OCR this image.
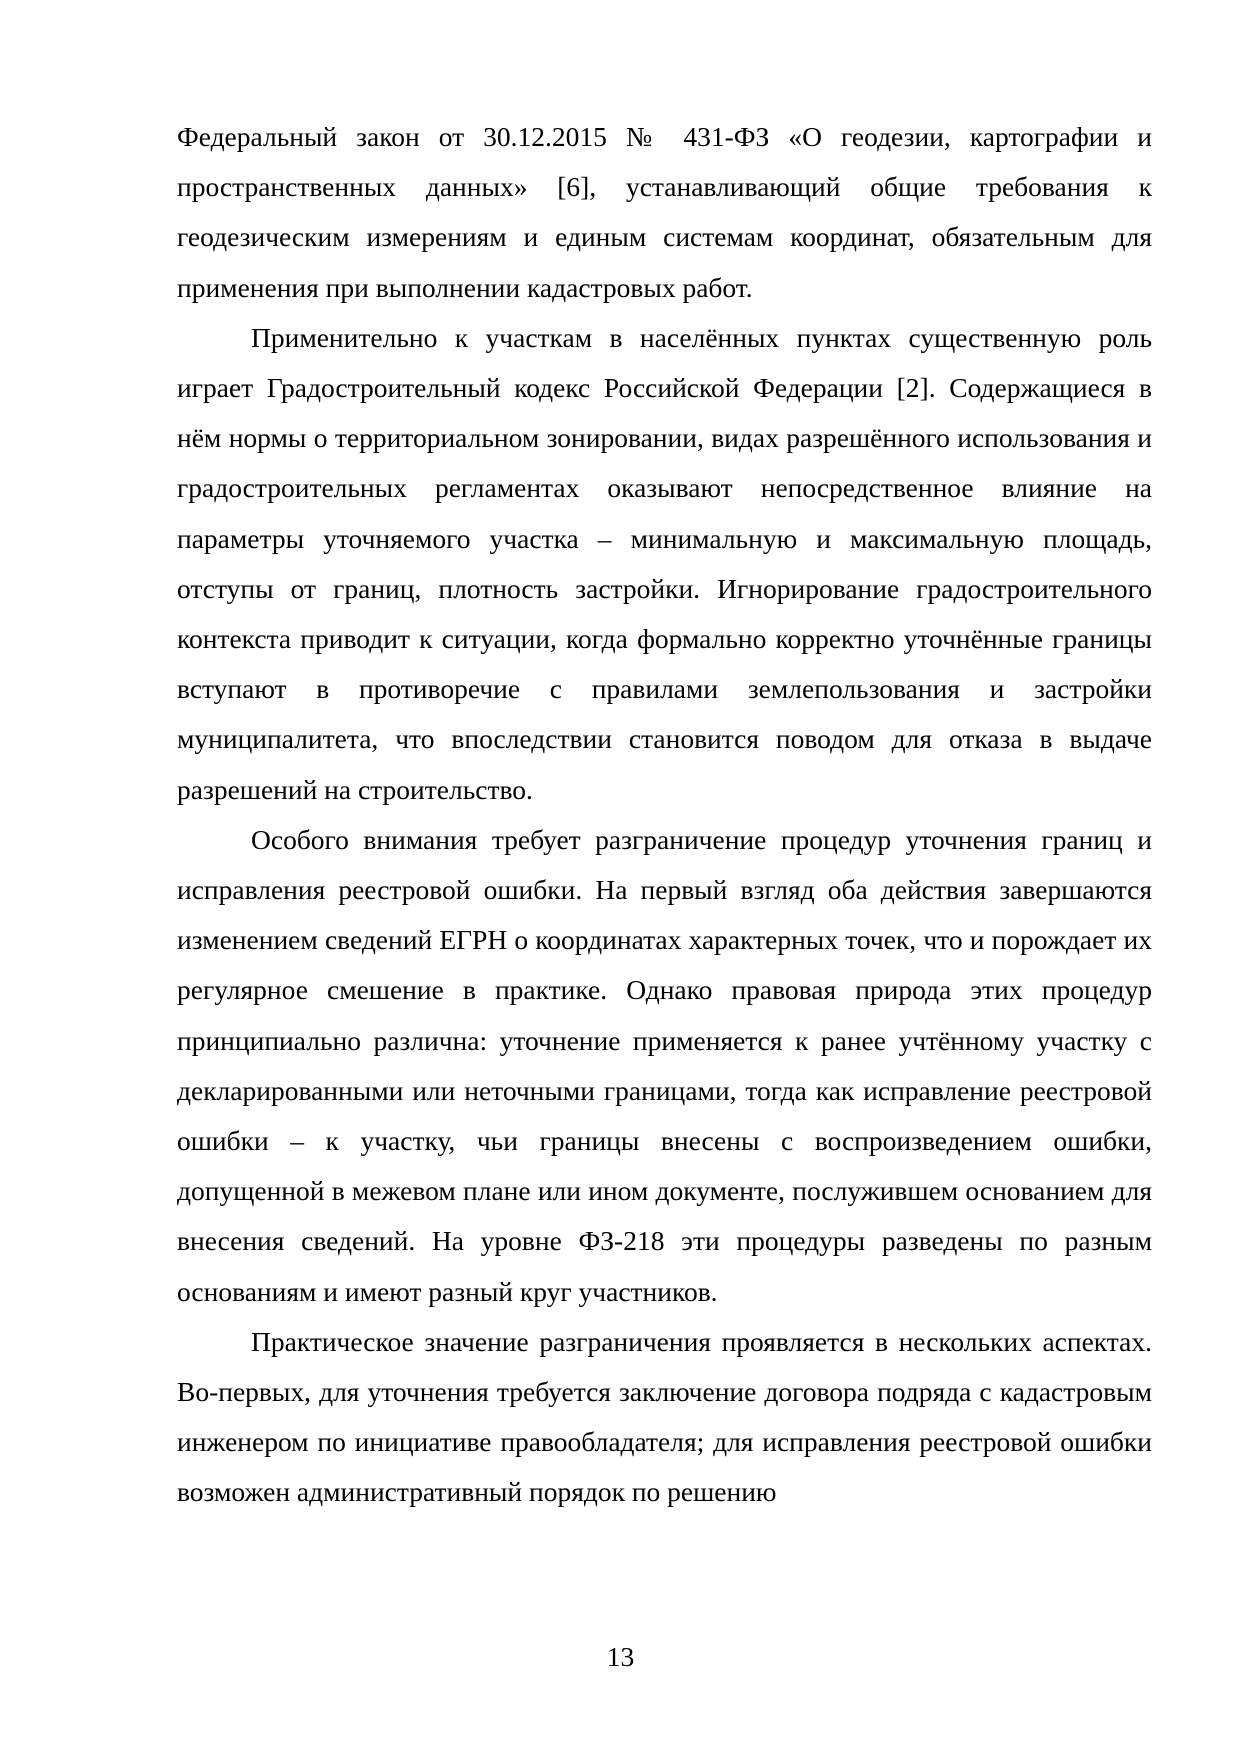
Федеральный закон от 30.12.2015 № 431-ФЗ «О геодезии, картографии и пространственных данных» [6], устанавливающий общие требования к геодезическим измерениям и единым системам координат, обязательным для применения при выполнении кадастровых работ.

Применительно к участкам в населённых пунктах существенную роль играет Градостроительный кодекс Российской Федерации [2]. Содержащиеся в нём нормы о территориальном зонировании, видах разрешённого использования и градостроительных регламентах оказывают непосредственное влияние на параметры уточняемого участка – минимальную и максимальную площадь, отступы от границ, плотность застройки. Игнорирование градостроительного контекста приводит к ситуации, когда формально корректно уточнённые границы вступают в противоречие с правилами землепользования и застройки муниципалитета, что впоследствии становится поводом для отказа в выдаче разрешений на строительство.

Особого внимания требует разграничение процедур уточнения границ и исправления реестровой ошибки. На первый взгляд оба действия завершаются изменением сведений ЕГРН о координатах характерных точек, что и порождает их регулярное смешение в практике. Однако правовая природа этих процедур принципиально различна: уточнение применяется к ранее учтённому участку с декларированными или неточными границами, тогда как исправление реестровой ошибки – к участку, чьи границы внесены с воспроизведением ошибки, допущенной в межевом плане или ином документе, послужившем основанием для внесения сведений. На уровне ФЗ-218 эти процедуры разведены по разным основаниям и имеют разный круг участников.

Практическое значение разграничения проявляется в нескольких аспектах. Во-первых, для уточнения требуется заключение договора подряда с кадастровым инженером по инициативе правообладателя; для исправления реестровой ошибки возможен административный порядок по решению

13
